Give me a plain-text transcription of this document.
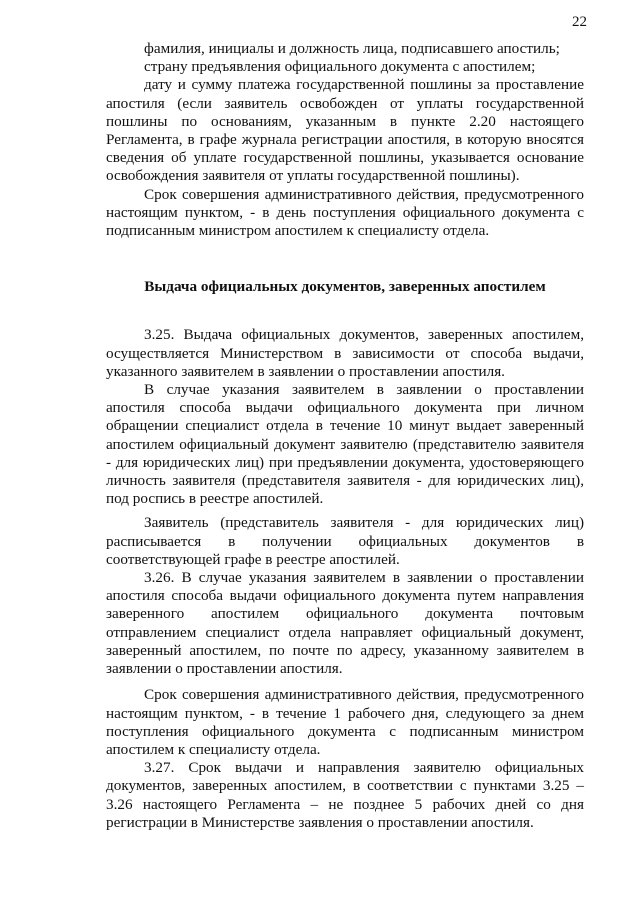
22

фамилия, инициалы и должность лица, подписавшего апостиль;

страну предъявления официального документа с апостилем;

дату и сумму платежа государственной пошлины за проставление апостиля (если заявитель освобожден от уплаты государственной пошлины по основаниям, указанным в пункте 2.20 настоящего Регламента, в графе журнала регистрации апостиля, в которую вносятся сведения об уплате государственной пошлины, указывается основание освобождения заявителя от уплаты государственной пошлины).

Срок совершения административного действия, предусмотренного настоящим пунктом, - в день поступления официального документа с подписанным министром апостилем к специалисту отдела.

Выдача официальных документов, заверенных апостилем

3.25. Выдача официальных документов, заверенных апостилем, осуществляется Министерством в зависимости от способа выдачи, указанного заявителем в заявлении о проставлении апостиля.

В случае указания заявителем в заявлении о проставлении апостиля способа выдачи официального документа при личном обращении специалист отдела в течение 10 минут выдает заверенный апостилем официальный документ заявителю (представителю заявителя - для юридических лиц) при предъявлении документа, удостоверяющего личность заявителя (представителя заявителя - для юридических лиц), под роспись в реестре апостилей.

Заявитель (представитель заявителя - для юридических лиц) расписывается в получении официальных документов в соответствующей графе в реестре апостилей.

3.26. В случае указания заявителем в заявлении о проставлении апостиля способа выдачи официального документа путем направления заверенного апостилем официального документа почтовым отправлением специалист отдела направляет официальный документ, заверенный апостилем, по почте по адресу, указанному заявителем в заявлении о проставлении апостиля.

Срок совершения административного действия, предусмотренного настоящим пунктом, - в течение 1 рабочего дня, следующего за днем поступления официального документа с подписанным министром апостилем к специалисту отдела.

3.27. Срок выдачи и направления заявителю официальных документов, заверенных апостилем, в соответствии с пунктами 3.25 – 3.26 настоящего Регламента – не позднее 5 рабочих дней со дня регистрации в Министерстве заявления о проставлении апостиля.
